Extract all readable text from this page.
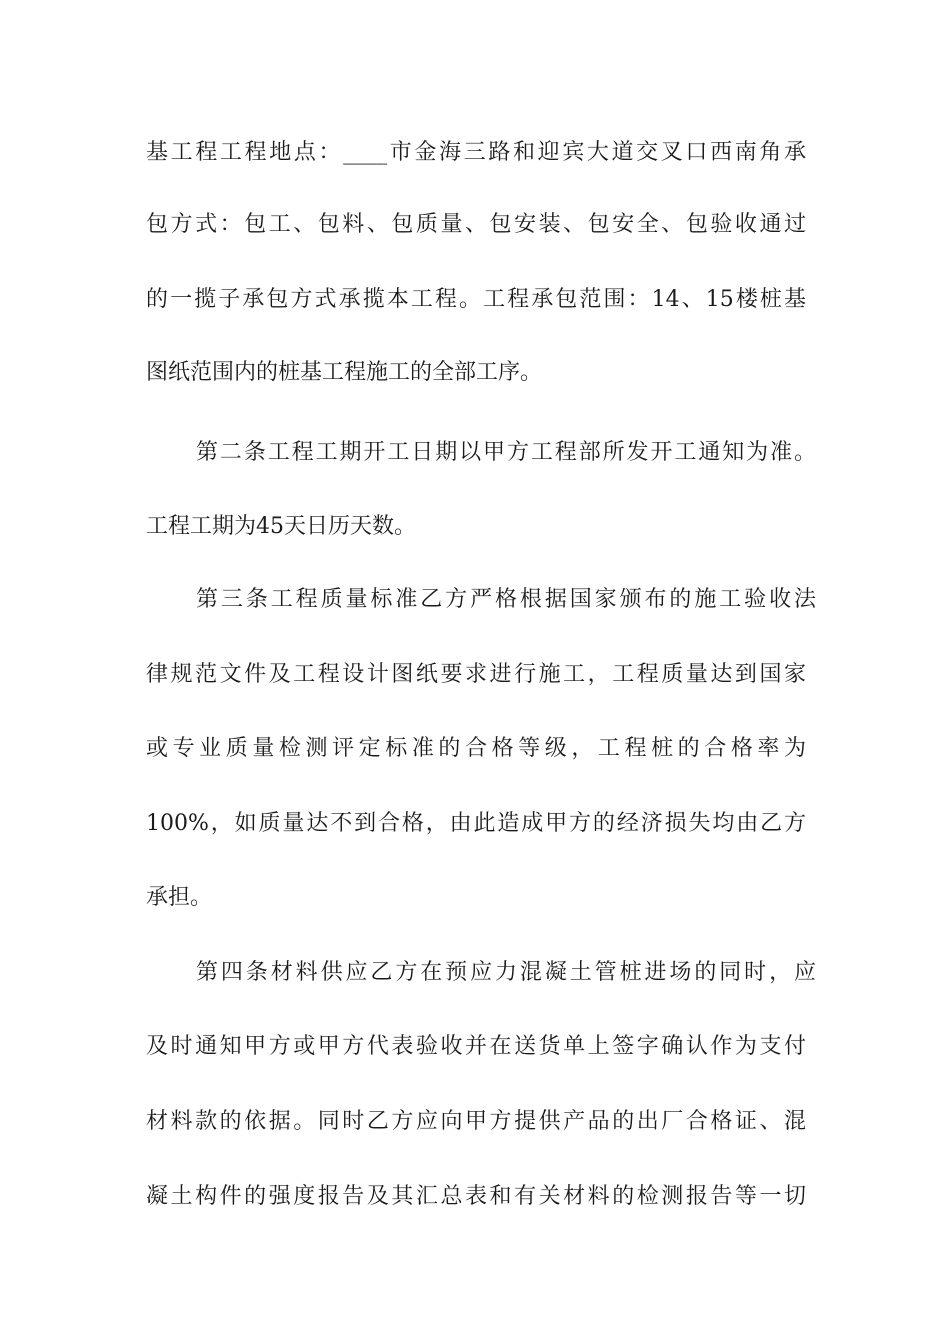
基工程工程地点：____市金海三路和迎宾大道交叉口西南角承
包方式：包工、包料、包质量、包安装、包安全、包验收通过
的一揽子承包方式承揽本工程。工程承包范围：14、15楼桩基
图纸范围内的桩基工程施工的全部工序。
第二条工程工期开工日期以甲方工程部所发开工通知为准。
工程工期为45天日历天数。
第三条工程质量标准乙方严格根据国家颁布的施工验收法
律规范文件及工程设计图纸要求进行施工，工程质量达到国家
或专业质量检测评定标准的合格等级，工程桩的合格率为
100%，如质量达不到合格，由此造成甲方的经济损失均由乙方
承担。
第四条材料供应乙方在预应力混凝土管桩进场的同时，应
及时通知甲方或甲方代表验收并在送货单上签字确认作为支付
材料款的依据。同时乙方应向甲方提供产品的出厂合格证、混
凝土构件的强度报告及其汇总表和有关材料的检测报告等一切
